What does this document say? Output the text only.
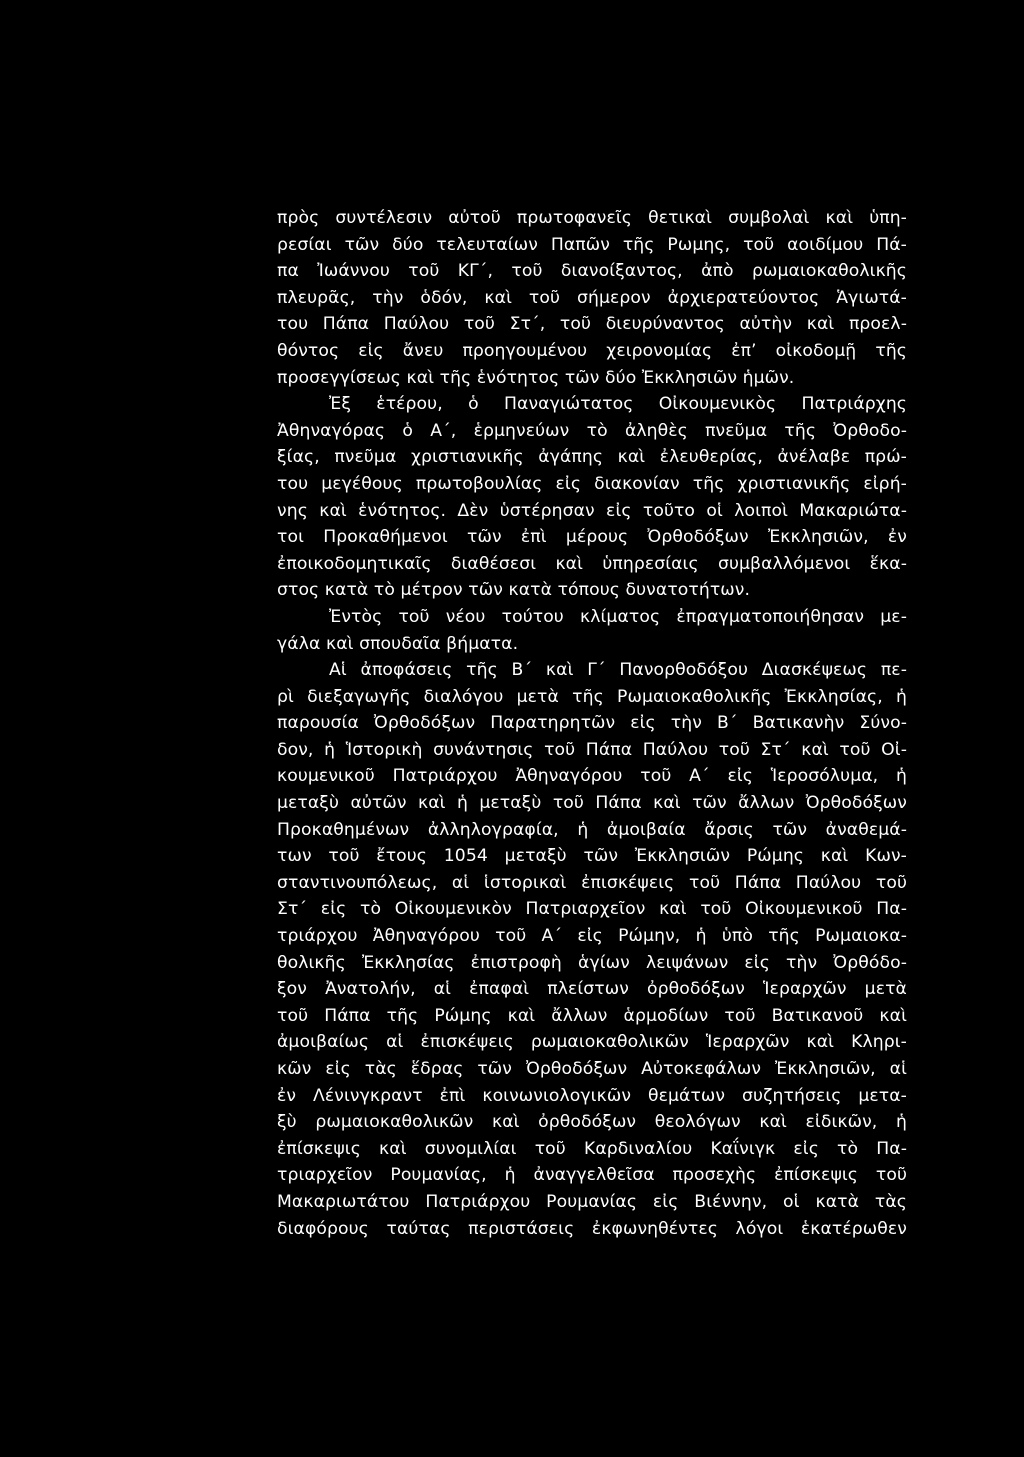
πρὸς συντέλεσιν αὐτοῦ πρωτοφανεῖς θετικαὶ συμβολαὶ καὶ ὑπη-
ρεσίαι τῶν δύο τελευταίων Παπῶν τῆς Ρωμης, τοῦ αοιδίμου Πά-
πα Ἰωάννου τοῦ ΚΓ΄, τοῦ διανοίξαντος, ἀπὸ ρωμαιοκαθολικῆς
πλευρᾶς, τὴν ὁδόν, καὶ τοῦ σήμερον ἀρχιερατεύοντος Ἁγιωτά-
του Πάπα Παύλου τοῦ Στ΄, τοῦ διευρύναντος αὐτὴν καὶ προελ-
θόντος εἰς ἄνευ προηγουμένου χειρονομίας ἐπ’ οἰκοδομῇ τῆς
προσεγγίσεως καὶ τῆς ἑνότητος τῶν δύο Ἐκκλησιῶν ἡμῶν.
Ἐξ ἑτέρου, ὁ Παναγιώτατος Οἰκουμενικὸς Πατριάρχης
Ἀθηναγόρας ὁ Α΄, ἑρμηνεύων τὸ ἀληθὲς πνεῦμα τῆς Ὀρθοδο-
ξίας, πνεῦμα χριστιανικῆς ἀγάπης καὶ ἐλευθερίας, ἀνέλαβε πρώ-
του μεγέθους πρωτοβουλίας εἰς διακονίαν τῆς χριστιανικῆς εἰρή-
νης καὶ ἑνότητος. Δὲν ὑστέρησαν εἰς τοῦτο οἱ λοιποὶ Μακαριώτα-
τοι Προκαθήμενοι τῶν ἐπὶ μέρους Ὀρθοδόξων Ἐκκλησιῶν, ἐν
ἐποικοδομητικαῖς διαθέσεσι καὶ ὑπηρεσίαις συμβαλλόμενοι ἕκα-
στος κατὰ τὸ μέτρον τῶν κατὰ τόπους δυνατοτήτων.
Ἐντὸς τοῦ νέου τούτου κλίματος ἐπραγματοποιήθησαν με-
γάλα καὶ σπουδαῖα βήματα.
Αἱ ἀποφάσεις τῆς Β΄ καὶ Γ΄ Πανορθοδόξου Διασκέψεως πε-
ρὶ διεξαγωγῆς διαλόγου μετὰ τῆς Ρωμαιοκαθολικῆς Ἐκκλησίας, ἡ
παρουσία Ὀρθοδόξων Παρατηρητῶν εἰς τὴν Β΄ Βατικανὴν Σύνο-
δον, ἡ Ἱστορικὴ συνάντησις τοῦ Πάπα Παύλου τοῦ Στ΄ καὶ τοῦ Οἰ-
κουμενικοῦ Πατριάρχου Ἀθηναγόρου τοῦ Α΄ εἰς Ἱεροσόλυμα, ἡ
μεταξὺ αὐτῶν καὶ ἡ μεταξὺ τοῦ Πάπα καὶ τῶν ἄλλων Ὀρθοδόξων
Προκαθημένων ἀλληλογραφία, ἡ ἀμοιβαία ἄρσις τῶν ἀναθεμά-
των τοῦ ἔτους 1054 μεταξὺ τῶν Ἐκκλησιῶν Ρώμης καὶ Κων-
σταντινουπόλεως, αἱ ἱστορικαὶ ἐπισκέψεις τοῦ Πάπα Παύλου τοῦ
Στ΄ εἰς τὸ Οἰκουμενικὸν Πατριαρχεῖον καὶ τοῦ Οἰκουμενικοῦ Πα-
τριάρχου Ἀθηναγόρου τοῦ Α΄ εἰς Ρώμην, ἡ ὑπὸ τῆς Ρωμαιοκα-
θολικῆς Ἐκκλησίας ἐπιστροφὴ ἁγίων λειψάνων εἰς τὴν Ὀρθόδο-
ξον Ἀνατολήν, αἱ ἐπαφαὶ πλείστων ὀρθοδόξων Ἱεραρχῶν μετὰ
τοῦ Πάπα τῆς Ρώμης καὶ ἄλλων ἁρμοδίων τοῦ Βατικανοῦ καὶ
ἀμοιβαίως αἱ ἐπισκέψεις ρωμαιοκαθολικῶν Ἱεραρχῶν καὶ Κληρι-
κῶν εἰς τὰς ἕδρας τῶν Ὀρθοδόξων Αὐτοκεφάλων Ἐκκλησιῶν, αἱ
ἐν Λένινγκραντ ἐπὶ κοινωνιολογικῶν θεμάτων συζητήσεις μετα-
ξὺ ρωμαιοκαθολικῶν καὶ ὀρθοδόξων θεολόγων καὶ εἰδικῶν, ἡ
ἐπίσκεψις καὶ συνομιλίαι τοῦ Καρδιναλίου Καΐνιγκ εἰς τὸ Πα-
τριαρχεῖον Ρουμανίας, ἡ ἀναγγελθεῖσα προσεχὴς ἐπίσκεψις τοῦ
Μακαριωτάτου Πατριάρχου Ρουμανίας εἰς Βιέννην, οἱ κατὰ τὰς
διαφόρους ταύτας περιστάσεις ἐκφωνηθέντες λόγοι ἑκατέρωθεν
